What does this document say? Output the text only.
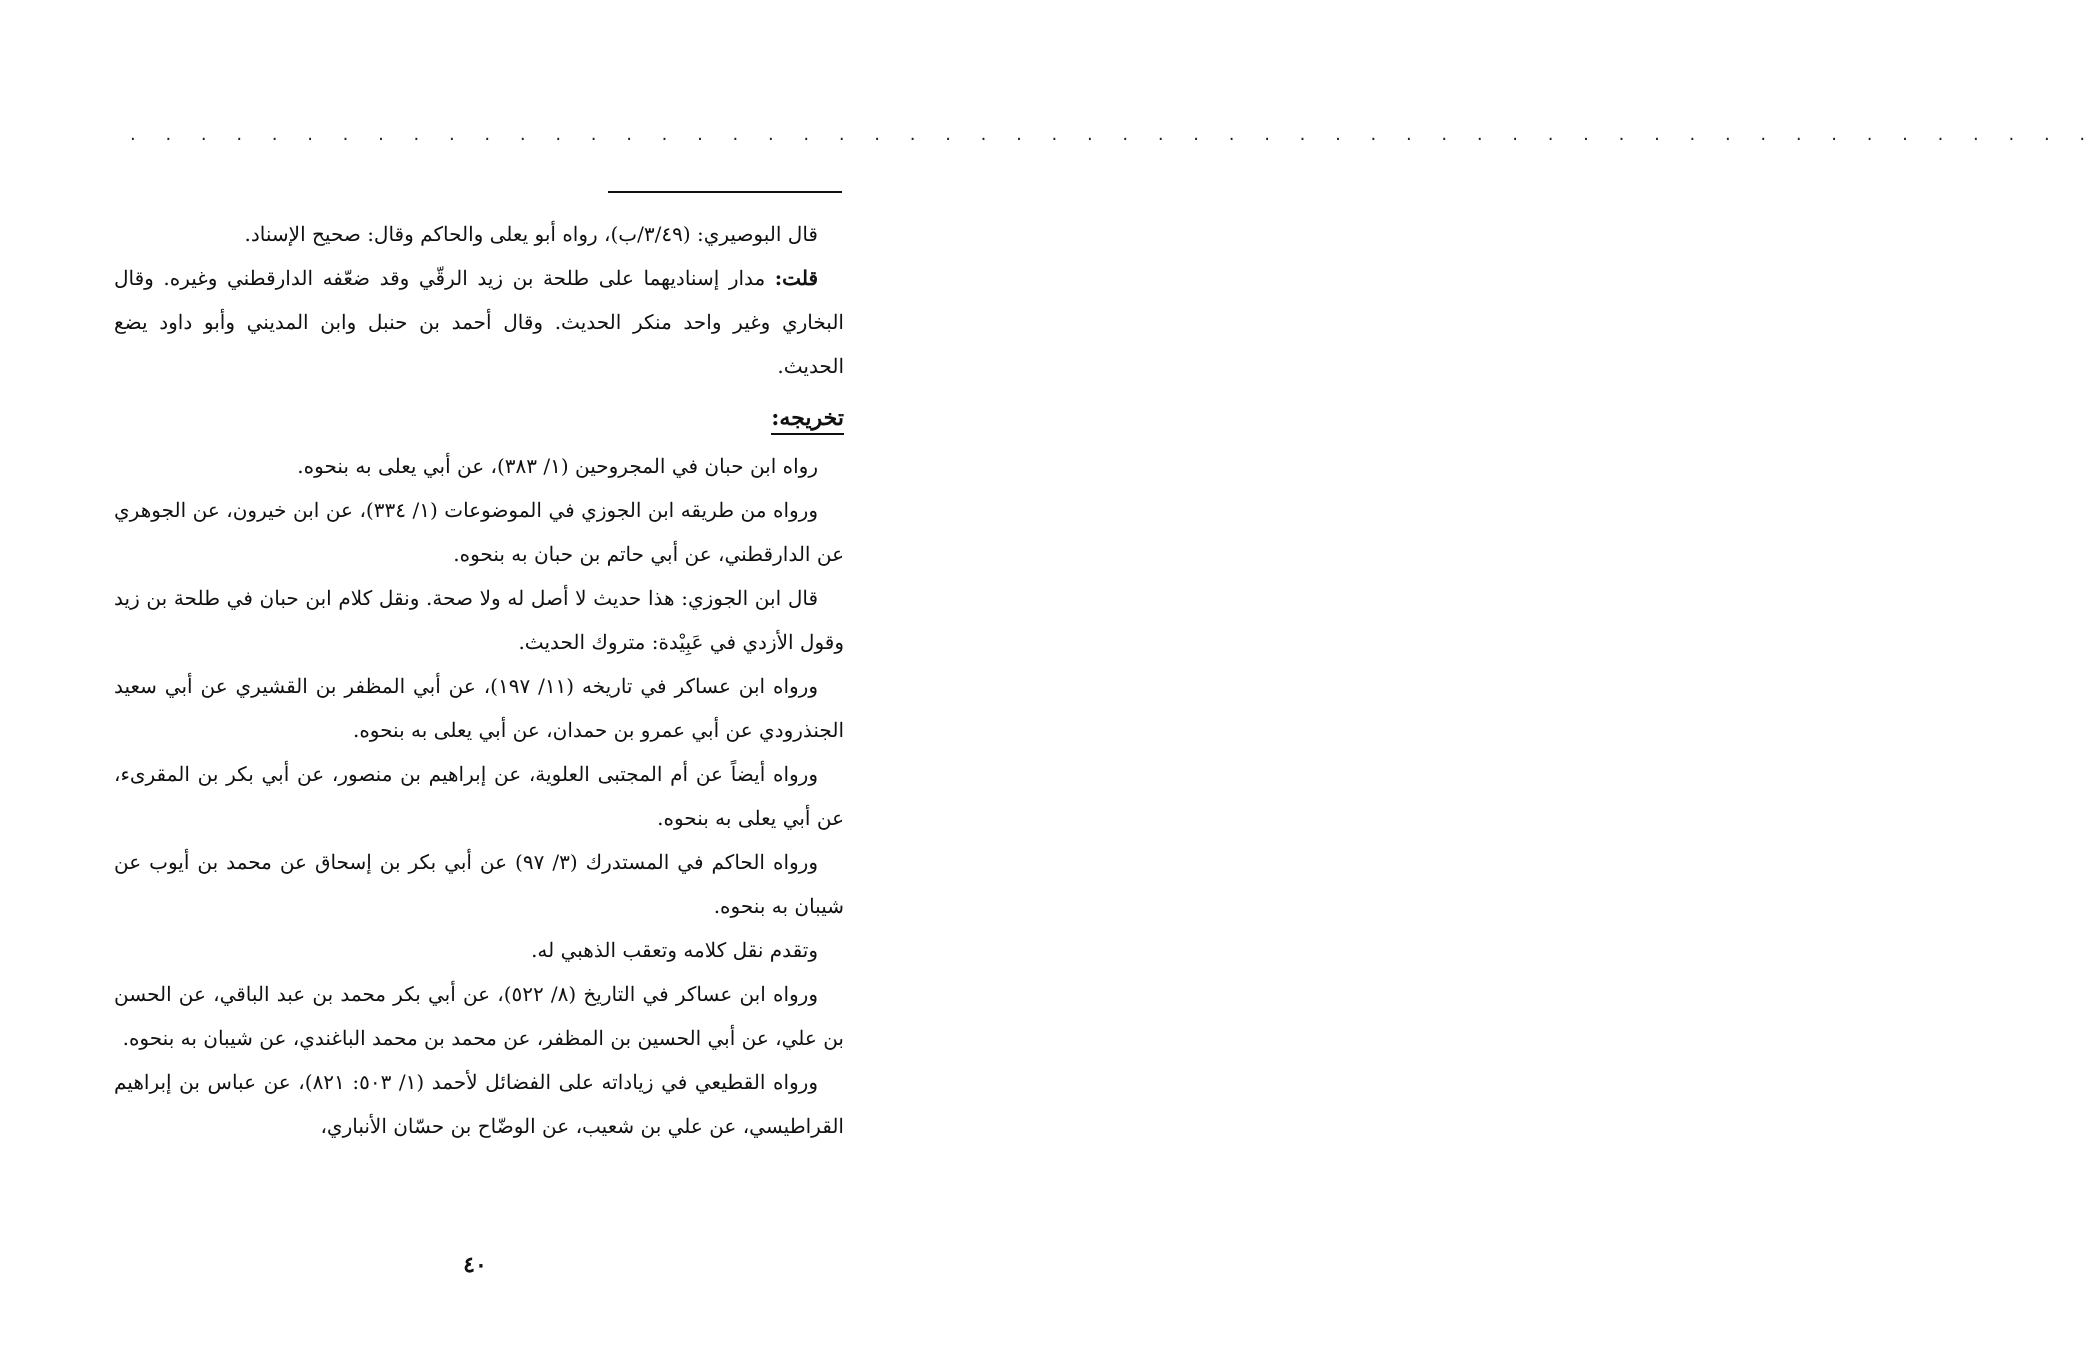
. . . . . . . . . . . . . . . . . . . . . . . . . . . . . . . . . . . . . . . . . . . . . . . . . . . . . . . .

قال البوصيري: (٣/٤٩/ب)، رواه أبو يعلى والحاكم وقال: صحيح الإسناد.

قلت: مدار إسناديهما على طلحة بن زيد الرقّي وقد ضعّفه الدارقطني وغيره. وقال البخاري وغير واحد منكر الحديث. وقال أحمد بن حنبل وابن المديني وأبو داود يضع الحديث.

تخريجه:

رواه ابن حبان في المجروحين (١/ ٣٨٣)، عن أبي يعلى به بنحوه.

ورواه من طريقه ابن الجوزي في الموضوعات (١/ ٣٣٤)، عن ابن خيرون، عن الجوهري عن الدارقطني، عن أبي حاتم بن حبان به بنحوه.

قال ابن الجوزي: هذا حديث لا أصل له ولا صحة. ونقل كلام ابن حبان في طلحة بن زيد وقول الأزدي في عَبِيْدة: متروك الحديث.

ورواه ابن عساكر في تاريخه (١١/ ١٩٧)، عن أبي المظفر بن القشيري عن أبي سعيد الجنذرودي عن أبي عمرو بن حمدان، عن أبي يعلى به بنحوه.

ورواه أيضاً عن أم المجتبى العلوية، عن إبراهيم بن منصور، عن أبي بكر بن المقرىء، عن أبي يعلى به بنحوه.

ورواه الحاكم في المستدرك (٣/ ٩٧) عن أبي بكر بن إسحاق عن محمد بن أيوب عن شيبان به بنحوه.

وتقدم نقل كلامه وتعقب الذهبي له.

ورواه ابن عساكر في التاريخ (٨/ ٥٢٢)، عن أبي بكر محمد بن عبد الباقي، عن الحسن بن علي، عن أبي الحسين بن المظفر، عن محمد بن محمد الباغندي، عن شيبان به بنحوه.

ورواه القطيعي في زياداته على الفضائل لأحمد (١/ ٥٠٣: ٨٢١)، عن عباس بن إبراهيم القراطيسي، عن علي بن شعيب، عن الوضّاح بن حسّان الأنباري،

٤٠
